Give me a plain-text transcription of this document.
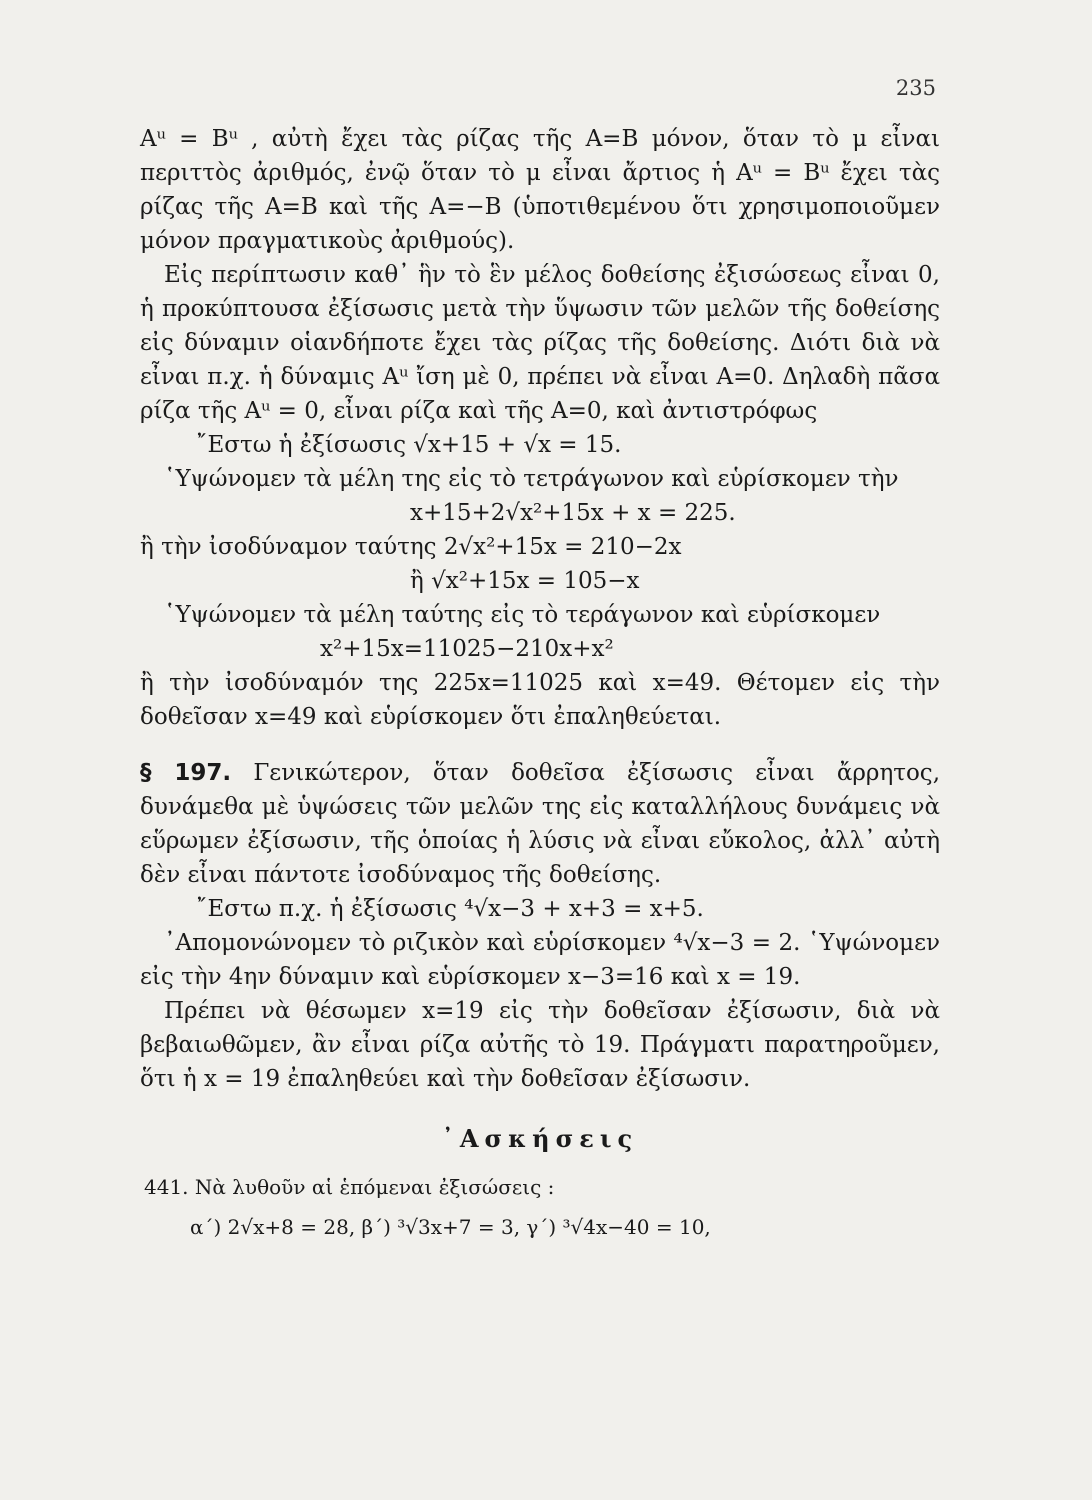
235

Aᵘ = Bᵘ , αὐτὴ ἔχει τὰς ρίζας τῆς A=B μόνον, ὅταν τὸ μ εἶναι περιττὸς ἀριθμός, ἐνῷ ὅταν τὸ μ εἶναι ἄρτιος ἡ Aᵘ = Bᵘ ἔχει τὰς ρίζας τῆς A=B καὶ τῆς A=−B (ὑποτιθεμένου ὅτι χρησιμοποιοῦμεν μόνον πραγματικοὺς ἀριθμούς).

Εἰς περίπτωσιν καθ᾿ ἣν τὸ ἓν μέλος δοθείσης ἐξισώσεως εἶναι 0, ἡ προκύπτουσα ἐξίσωσις μετὰ τὴν ὕψωσιν τῶν μελῶν τῆς δοθείσης εἰς δύναμιν οἱανδήποτε ἔχει τὰς ρίζας τῆς δοθείσης. Διότι διὰ νὰ εἶναι π.χ. ἡ δύναμις Aᵘ ἴση μὲ 0, πρέπει νὰ εἶναι A=0. Δηλαδὴ πᾶσα ρίζα τῆς Aᵘ = 0, εἶναι ρίζα καὶ τῆς A=0, καὶ ἀντιστρόφως

῎Εστω ἡ ἐξίσωσις √x+15 + √x = 15.

῾Υψώνομεν τὰ μέλη της εἰς τὸ τετράγωνον καὶ εὑρίσκομεν τὴν

x+15+2√x²+15x + x = 225.

ἢ τὴν ἰσοδύναμον ταύτης 2√x²+15x = 210−2x

ἢ √x²+15x = 105−x

῾Υψώνομεν τὰ μέλη ταύτης εἰς τὸ τεράγωνον καὶ εὑρίσκομεν

x²+15x=11025−210x+x²

ἢ τὴν ἰσοδύναμόν της 225x=11025 καὶ x=49. Θέτομεν εἰς τὴν δοθεῖσαν x=49 καὶ εὑρίσκομεν ὅτι ἐπαληθεύεται.

§ 197. Γενικώτερον, ὅταν δοθεῖσα ἐξίσωσις εἶναι ἄρρητος, δυνάμεθα μὲ ὑψώσεις τῶν μελῶν της εἰς καταλλήλους δυνάμεις νὰ εὕρωμεν ἐξίσωσιν, τῆς ὁποίας ἡ λύσις νὰ εἶναι εὔκολος, ἀλλ᾿ αὐτὴ δὲν εἶναι πάντοτε ἰσοδύναμος τῆς δοθείσης.

῎Εστω π.χ. ἡ ἐξίσωσις ⁴√x−3 + x+3 = x+5.

᾿Απομονώνομεν τὸ ριζικὸν καὶ εὑρίσκομεν ⁴√x−3 = 2. ῾Υψώνομεν εἰς τὴν 4ην δύναμιν καὶ εὑρίσκομεν x−3=16 καὶ x = 19.

Πρέπει νὰ θέσωμεν x=19 εἰς τὴν δοθεῖσαν ἐξίσωσιν, διὰ νὰ βεβαιωθῶμεν, ἂν εἶναι ρίζα αὐτῆς τὸ 19. Πράγματι παρατηροῦμεν, ὅτι ἡ x = 19 ἐπαληθεύει καὶ τὴν δοθεῖσαν ἐξίσωσιν.

᾿Ασκήσεις
441. Νὰ λυθοῦν αἱ ἑπόμεναι ἐξισώσεις :
α΄) 2√x+8 = 28, β΄) ³√3x+7 = 3, γ΄) ³√4x−40 = 10,
